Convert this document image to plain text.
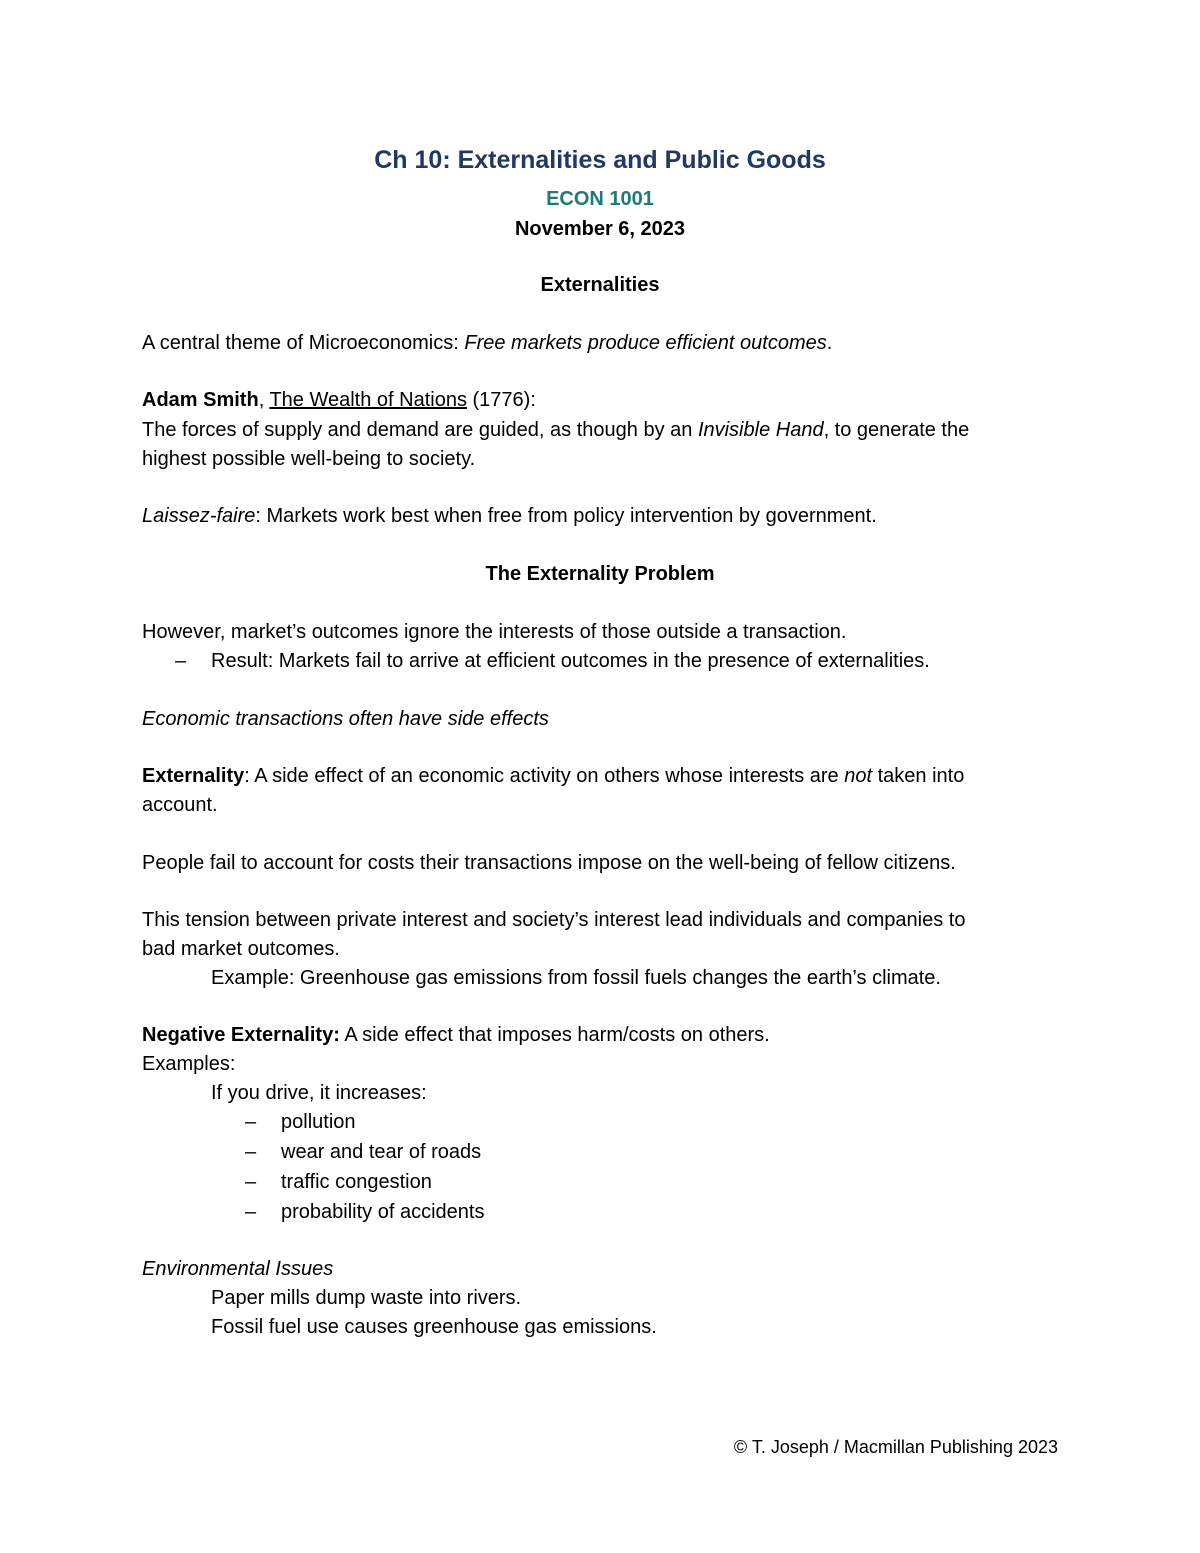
Ch 10: Externalities and Public Goods
ECON 1001
November 6, 2023
Externalities
A central theme of Microeconomics: Free markets produce efficient outcomes.
Adam Smith, The Wealth of Nations (1776):
The forces of supply and demand are guided, as though by an Invisible Hand, to generate the
highest possible well-being to society.
Laissez-faire: Markets work best when free from policy intervention by government.
The Externality Problem
However, market’s outcomes ignore the interests of those outside a transaction.
– Result: Markets fail to arrive at efficient outcomes in the presence of externalities.
Economic transactions often have side effects
Externality: A side effect of an economic activity on others whose interests are not taken into
account.
People fail to account for costs their transactions impose on the well-being of fellow citizens.
This tension between private interest and society’s interest lead individuals and companies to
bad market outcomes.
Example: Greenhouse gas emissions from fossil fuels changes the earth’s climate.
Negative Externality: A side effect that imposes harm/costs on others.
Examples:
If you drive, it increases:
– pollution
– wear and tear of roads
– traffic congestion
– probability of accidents
Environmental Issues
Paper mills dump waste into rivers.
Fossil fuel use causes greenhouse gas emissions.
© T. Joseph / Macmillan Publishing 2023
